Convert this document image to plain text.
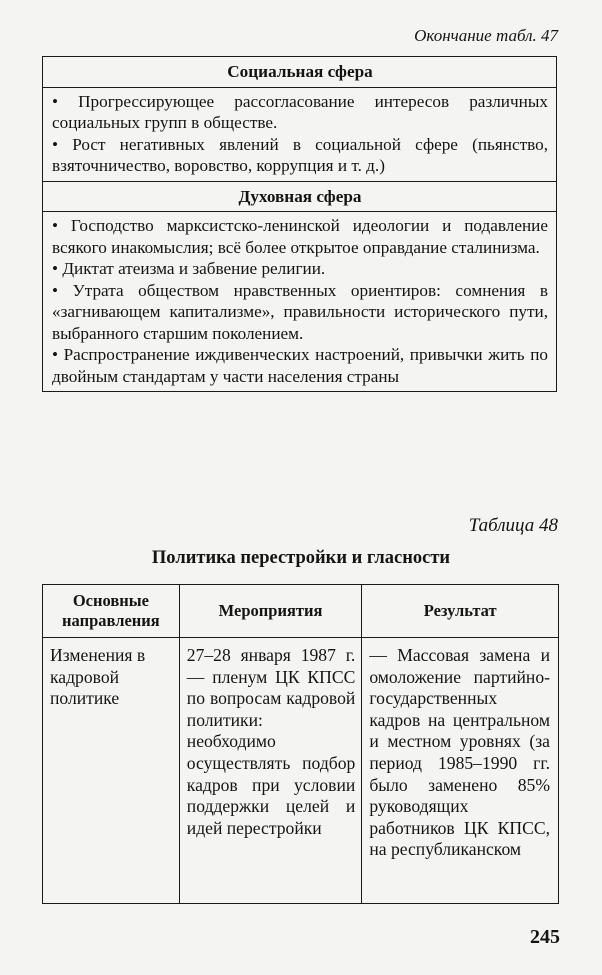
Окончание табл. 47
Социальная сфера

• Прогрессирующее рассогласование интересов различных социальных групп в обществе.

• Рост негативных явлений в социальной сфере (пьянство, взяточничество, воровство, коррупция и т. д.)

Духовная сфера

• Господство марксистско-ленинской идеологии и подавление всякого инакомыслия; всё более открытое оправдание сталинизма.

• Диктат атеизма и забвение религии.

• Утрата обществом нравственных ориентиров: сомнения в «загнивающем капитализме», правильности исторического пути, выбранного старшим поколением.

• Распространение иждивенческих настроений, привычки жить по двойным стандартам у части населения страны

Таблица 48
Политика перестройки и гласности
Основные направления	Мероприятия	Результат
Изменения в кадровой политике	27–28 января 1987 г. — пленум ЦК КПСС по вопросам кадровой политики: необходимо осуществлять подбор кадров при условии поддержки целей и идей перестройки	— Массовая замена и омоложение партийно-государственных кадров на центральном и местном уровнях (за период 1985–1990 гг. было заменено 85% руководящих работников ЦК КПСС, на республиканском
245
